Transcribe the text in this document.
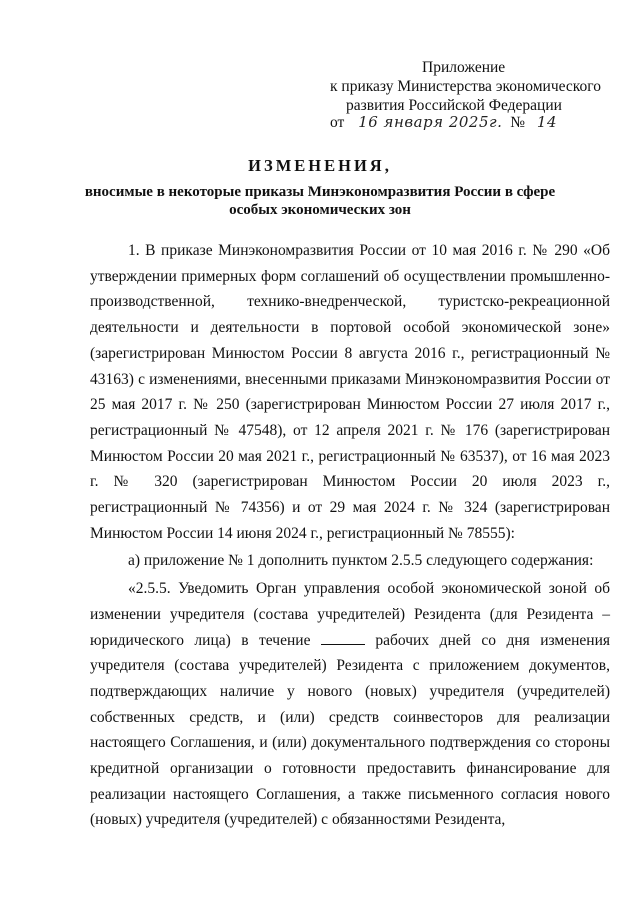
Приложение
к приказу Министерства экономического
развития Российской Федерации
от 16 января 2025г. № 14
ИЗМЕНЕНИЯ,
вносимые в некоторые приказы Минэкономразвития России в сфере особых экономических зон

1. В приказе Минэкономразвития России от 10 мая 2016 г. № 290 «Об утверждении примерных форм соглашений об осуществлении промышленно-производственной, технико-внедренческой, туристско-рекреационной деятельности и деятельности в портовой особой экономической зоне» (зарегистрирован Минюстом России 8 августа 2016 г., регистрационный № 43163) с изменениями, внесенными приказами Минэкономразвития России от 25 мая 2017 г. № 250 (зарегистрирован Минюстом России 27 июля 2017 г., регистрационный № 47548), от 12 апреля 2021 г. № 176 (зарегистрирован Минюстом России 20 мая 2021 г., регистрационный № 63537), от 16 мая 2023 г. № 320 (зарегистрирован Минюстом России 20 июля 2023 г., регистрационный № 74356) и от 29 мая 2024 г. № 324 (зарегистрирован Минюстом России 14 июня 2024 г., регистрационный № 78555):

а) приложение № 1 дополнить пунктом 2.5.5 следующего содержания:

«2.5.5. Уведомить Орган управления особой экономической зоной об изменении учредителя (состава учредителей) Резидента (для Резидента – юридического лица) в течение	рабочих дней со дня изменения учредителя (состава учредителей) Резидента с приложением документов, подтверждающих наличие у нового (новых) учредителя (учредителей) собственных средств, и (или) средств соинвесторов для реализации настоящего Соглашения, и (или) документального подтверждения со стороны кредитной организации о готовности предоставить финансирование для реализации настоящего Соглашения, а также письменного согласия нового (новых) учредителя (учредителей) с обязанностями Резидента,
